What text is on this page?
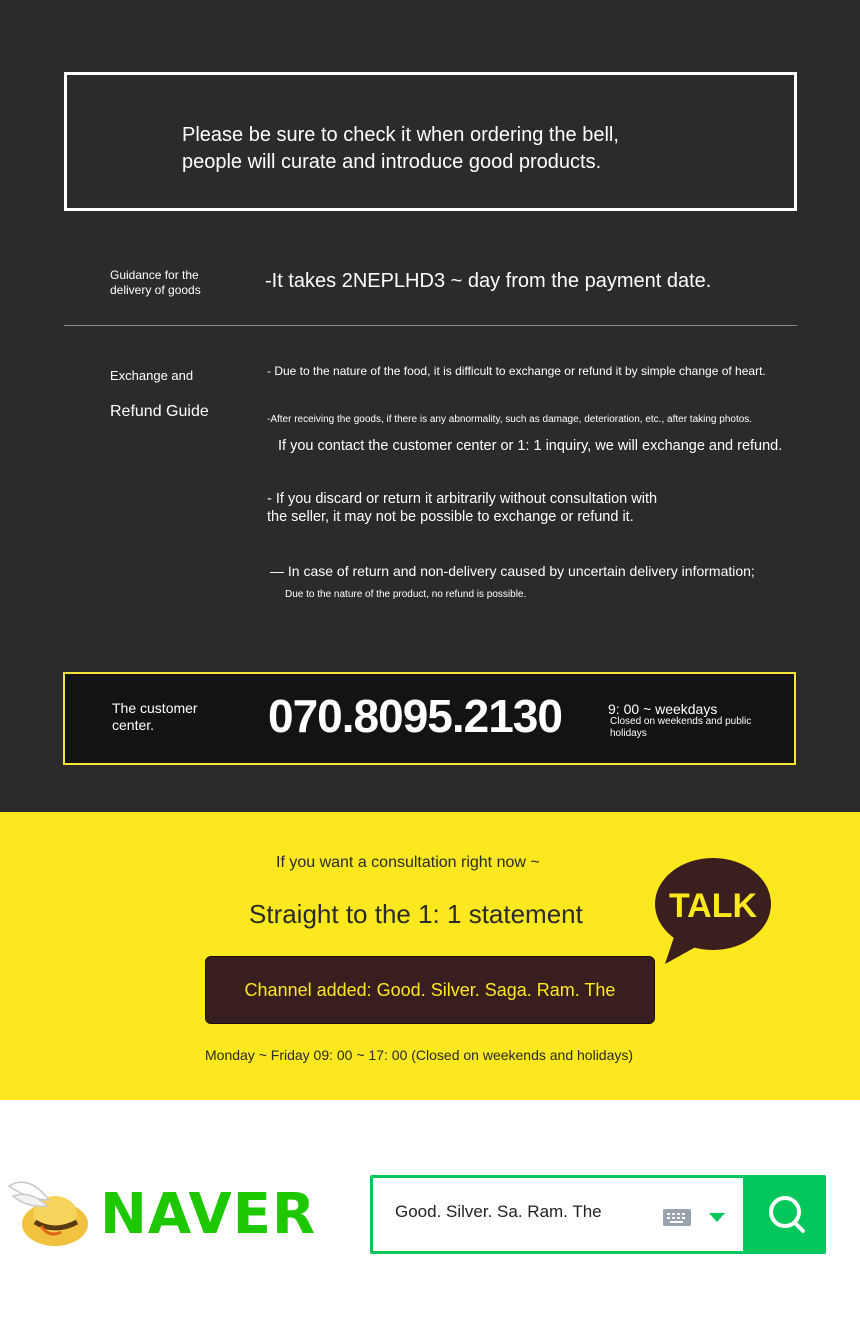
Please be sure to check it when ordering the bell,
people will curate and introduce good products.
Guidance for the
delivery of goods	-It takes 2NEPLHD3 ~ day from the payment date.
Exchange and
Refund Guide
- Due to the nature of the food, it is difficult to exchange or refund it by simple change of heart.
-After receiving the goods, if there is any abnormality, such as damage, deterioration, etc., after taking photos.
If you contact the customer center or 1: 1 inquiry, we will exchange and refund.
- If you discard or return it arbitrarily without consultation with
the seller, it may not be possible to exchange or refund it.
— In case of return and non-delivery caused by uncertain delivery information;
Due to the nature of the product, no refund is possible.
The customer center.	070.8095.2130	9: 00 ~ weekdays
Closed on weekends and public holidays
If you want a consultation right now ~
Straight to the 1: 1 statement	TALK
Channel added: Good. Silver. Saga. Ram. The
Monday ~ Friday 09: 00 ~ 17: 00 (Closed on weekends and holidays)
NAVER
Good. Silver. Sa. Ram. The
